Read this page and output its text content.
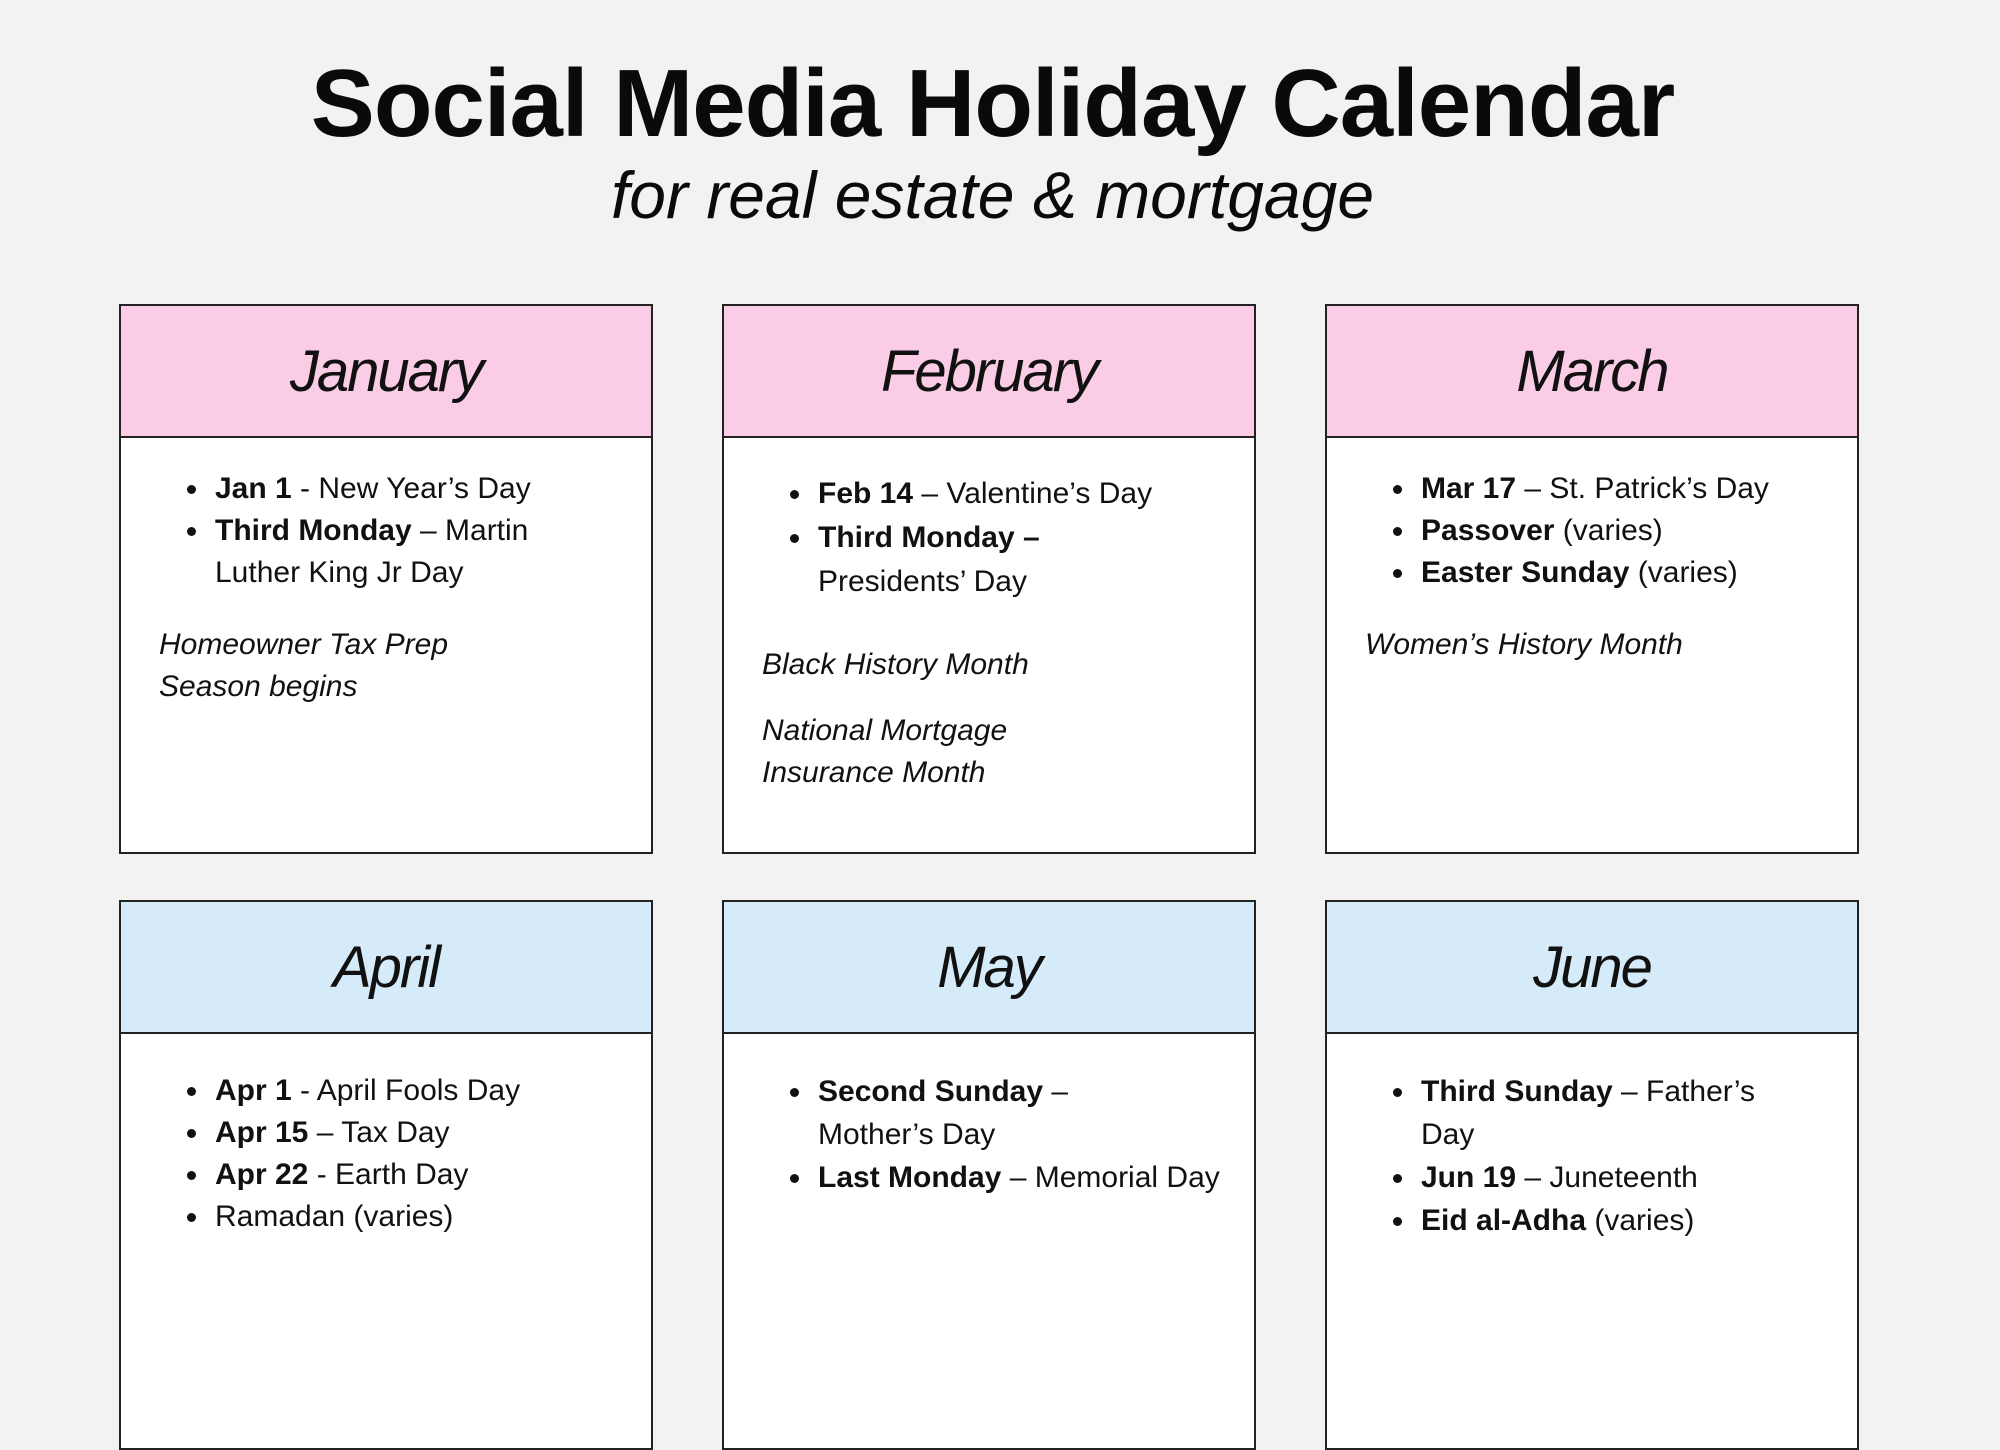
Social Media Holiday Calendar
for real estate & mortgage
January
• Jan 1 - New Year’s Day
• Third Monday – Martin Luther King Jr Day
Homeowner Tax Prep Season begins
February
• Feb 14 – Valentine’s Day
• Third Monday – Presidents’ Day
Black History Month
National Mortgage Insurance Month
March
• Mar 17 – St. Patrick’s Day
• Passover (varies)
• Easter Sunday (varies)
Women’s History Month
April
• Apr 1 - April Fools Day
• Apr 15 – Tax Day
• Apr 22 - Earth Day
• Ramadan (varies)
May
• Second Sunday – Mother’s Day
• Last Monday – Memorial Day
June
• Third Sunday – Father’s Day
• Jun 19 – Juneteenth
• Eid al-Adha (varies)
